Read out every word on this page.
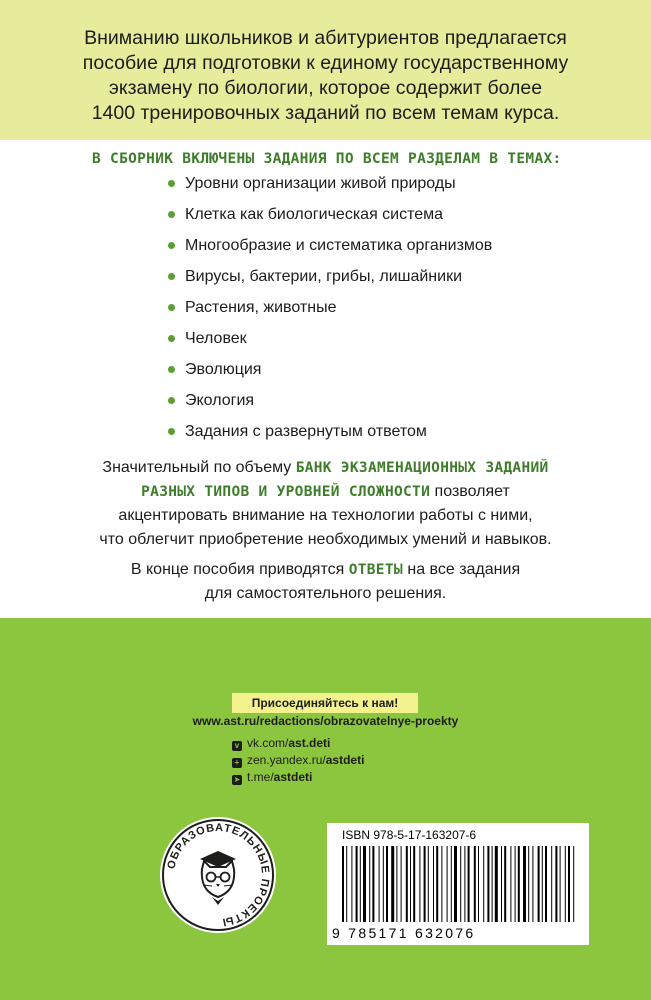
Вниманию школьников и абитуриентов предлагается
пособие для подготовки к единому государственному
экзамену по биологии, которое содержит более
1400 тренировочных заданий по всем темам курса.
В СБОРНИК ВКЛЮЧЕНЫ ЗАДАНИЯ ПО ВСЕМ РАЗДЕЛАМ В ТЕМАХ:
Уровни организации живой природы
Клетка как биологическая система
Многообразие и систематика организмов
Вирусы, бактерии, грибы, лишайники
Растения, животные
Человек
Эволюция
Экология
Задания с развернутым ответом
Значительный по объему БАНК ЭКЗАМЕНАЦИОННЫХ ЗАДАНИЙ
РАЗНЫХ ТИПОВ И УРОВНЕЙ СЛОЖНОСТИ позволяет
акцентировать внимание на технологии работы с ними,
что облегчит приобретение необходимых умений и навыков.
В конце пособия приводятся ОТВЕТЫ на все задания
для самостоятельного решения.
Присоединяйтесь к нам!
www.ast.ru/redactions/obrazovatelnye-proekty
v vk.com/ast.deti
+ zen.yandex.ru/astdeti
➤ t.me/astdeti
ОБРАЗОВАТЕЛЬНЫЕ ПРОЕКТЫ
ISBN 978-5-17-163207-6
9 785171 632076
